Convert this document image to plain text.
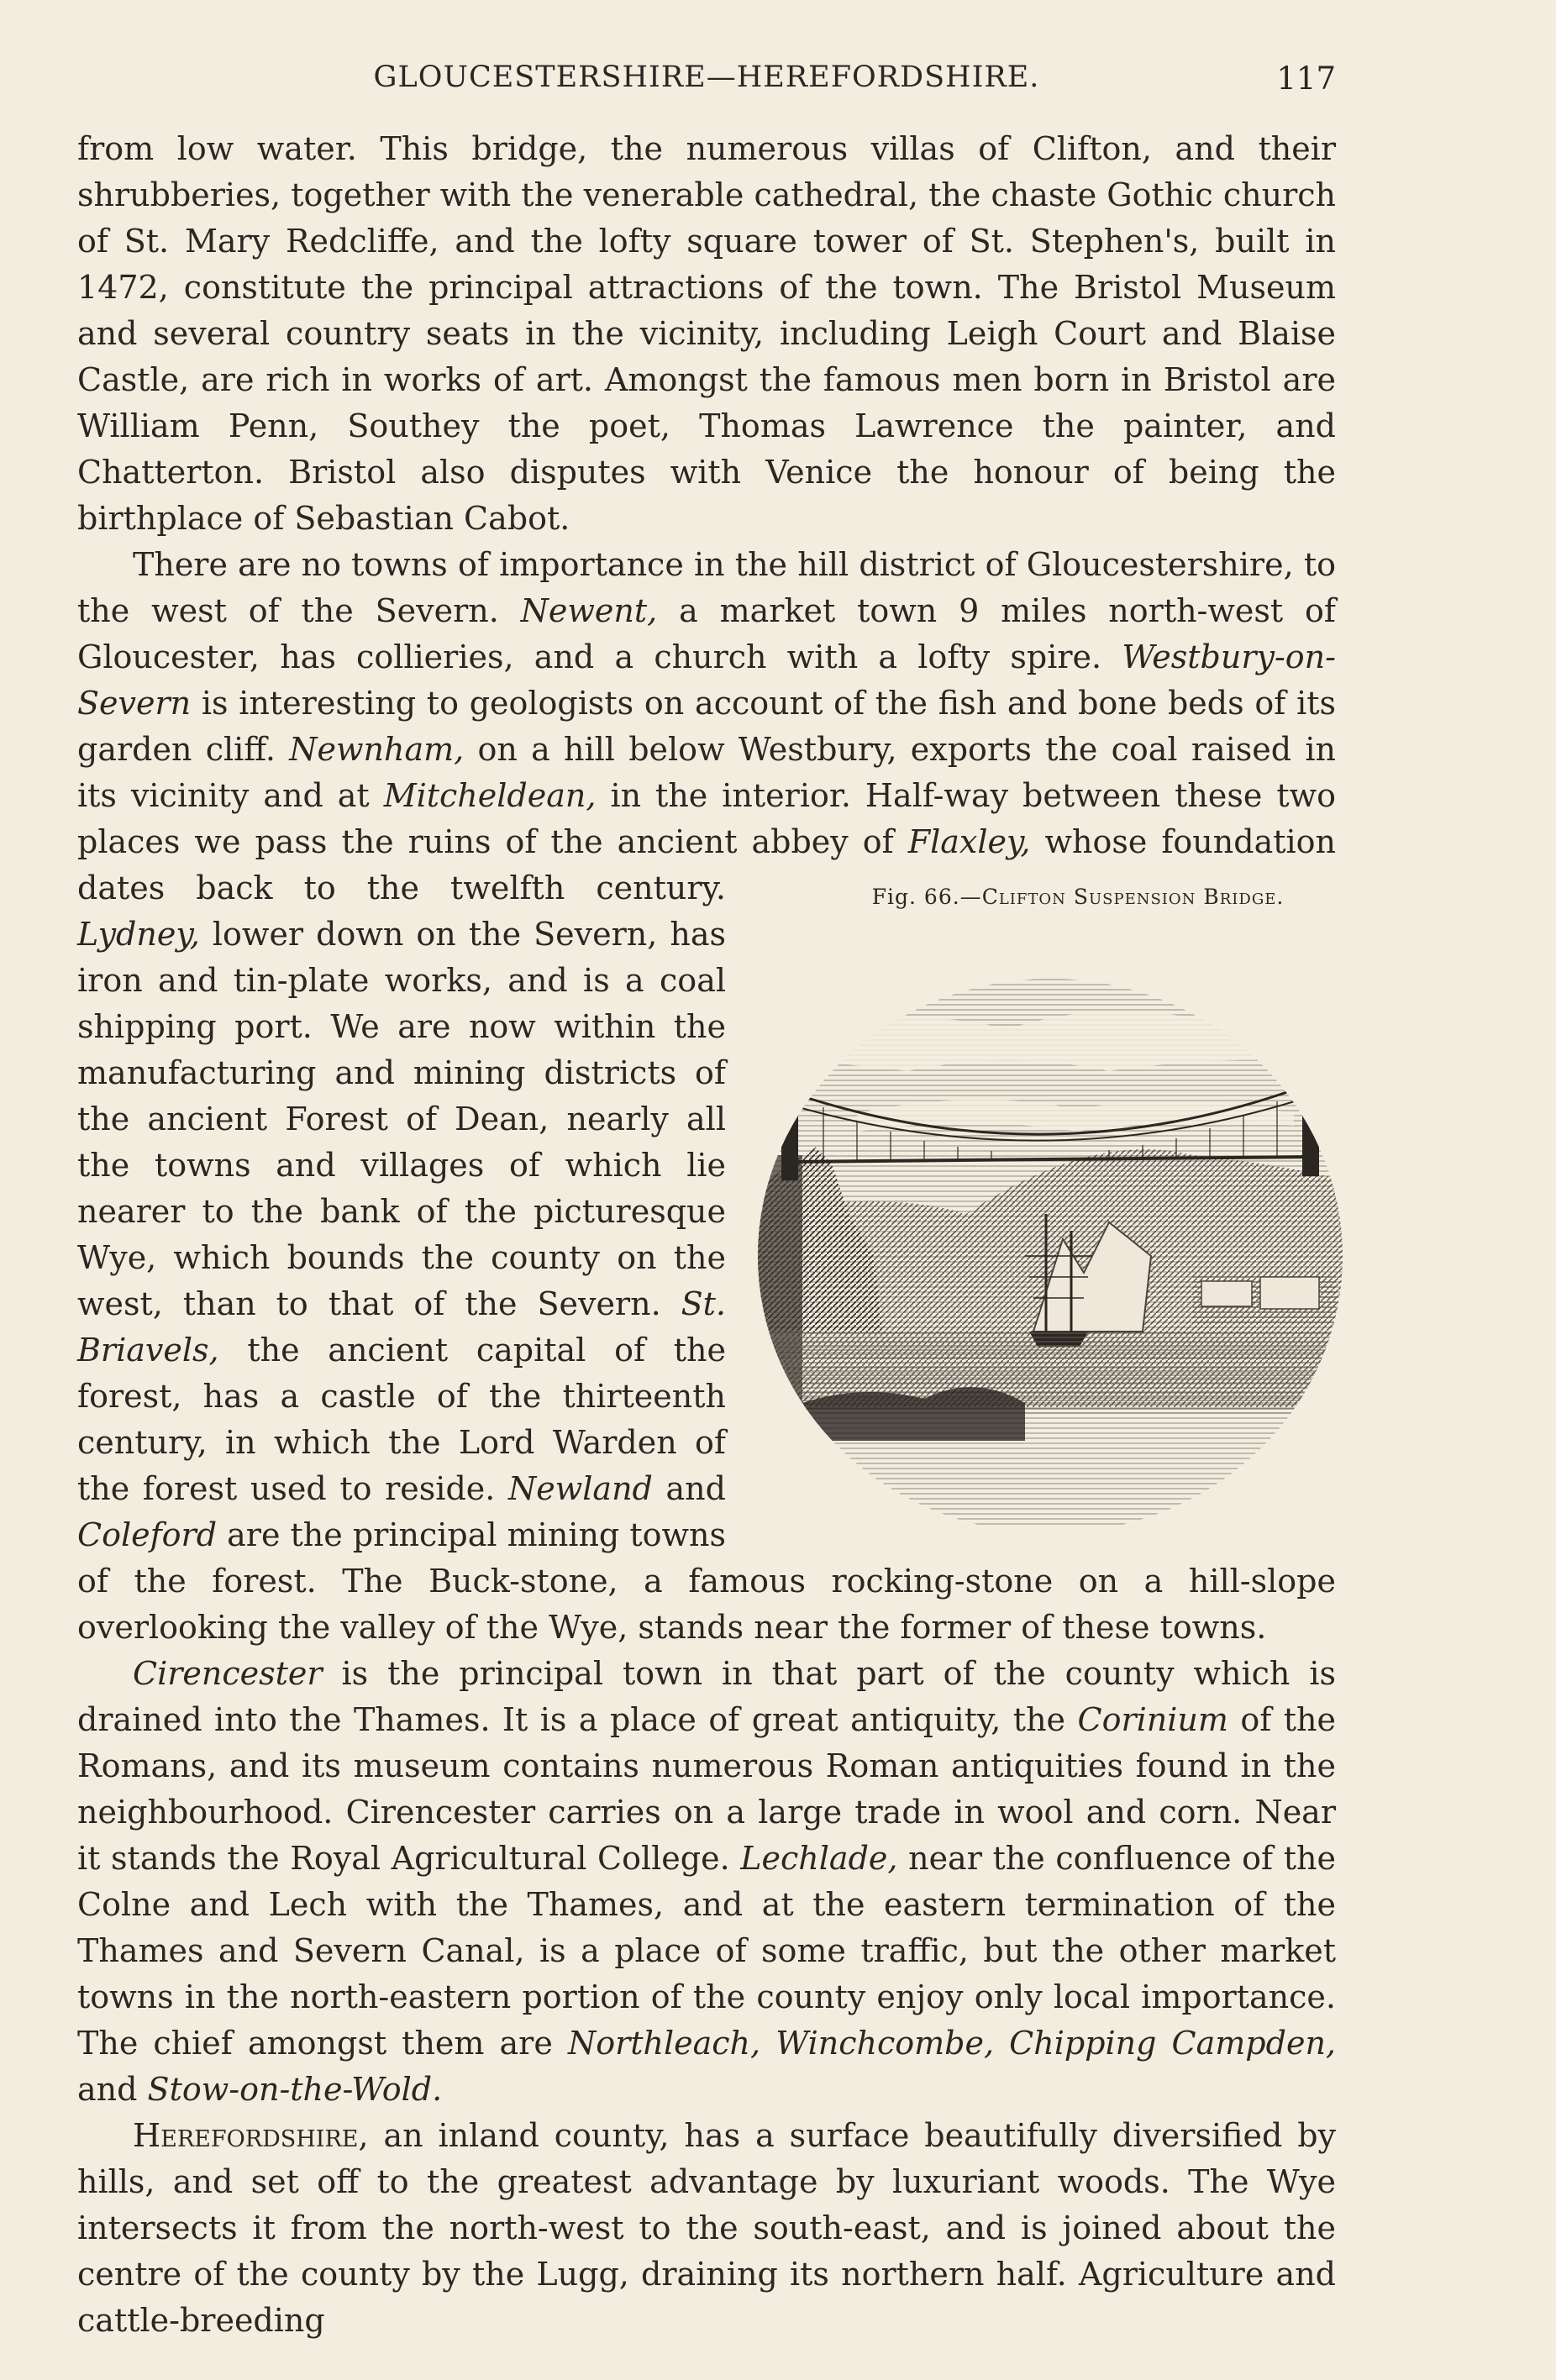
GLOUCESTERSHIRE—HEREFORDSHIRE.	117

from low water. This bridge, the numerous villas of Clifton, and their shrubberies, together with the venerable cathedral, the chaste Gothic church of St. Mary Redcliffe, and the lofty square tower of St. Stephen's, built in 1472, constitute the principal attractions of the town. The Bristol Museum and several country seats in the vicinity, including Leigh Court and Blaise Castle, are rich in works of art. Amongst the famous men born in Bristol are William Penn, Southey the poet, Thomas Lawrence the painter, and Chatterton. Bristol also disputes with Venice the honour of being the birthplace of Sebastian Cabot.

There are no towns of importance in the hill district of Gloucestershire, to the west of the Severn. Newent, a market town 9 miles north-west of Gloucester, has collieries, and a church with a lofty spire. Westbury-on-Severn is interesting to geologists on account of the fish and bone beds of its garden cliff. Newnham, on a hill below Westbury, exports the coal raised in its vicinity and at Mitcheldean, in the interior. Half-way between these two places we pass the ruins of the ancient abbey of Flaxley, whose foundation dates back to the twelfth century.	Fig. 66.—Clifton Suspension Bridge.
Lydney, lower down on the Severn, has iron and tin-plate works, and is a coal shipping port. We are now within the manufacturing and mining districts of the ancient Forest of Dean, nearly all the towns and villages of which lie nearer to the bank of the picturesque Wye, which bounds the county on the west, than to that of the Severn. St. Briavels, the ancient capital of the forest, has a castle of the thirteenth century, in which the Lord Warden of the forest used to reside. Newland and Coleford are the principal mining towns of the forest. The Buck-stone, a famous rocking-stone on a hill-slope overlooking the valley of the Wye, stands near the former of these towns.

Cirencester is the principal town in that part of the county which is drained into the Thames. It is a place of great antiquity, the Corinium of the Romans, and its museum contains numerous Roman antiquities found in the neighbourhood. Cirencester carries on a large trade in wool and corn. Near it stands the Royal Agricultural College. Lechlade, near the confluence of the Colne and Lech with the Thames, and at the eastern termination of the Thames and Severn Canal, is a place of some traffic, but the other market towns in the north-eastern portion of the county enjoy only local importance. The chief amongst them are Northleach, Winchcombe, Chipping Campden, and Stow-on-the-Wold.

Herefordshire, an inland county, has a surface beautifully diversified by hills, and set off to the greatest advantage by luxuriant woods. The Wye intersects it from the north-west to the south-east, and is joined about the centre of the county by the Lugg, draining its northern half. Agriculture and cattle-breeding
